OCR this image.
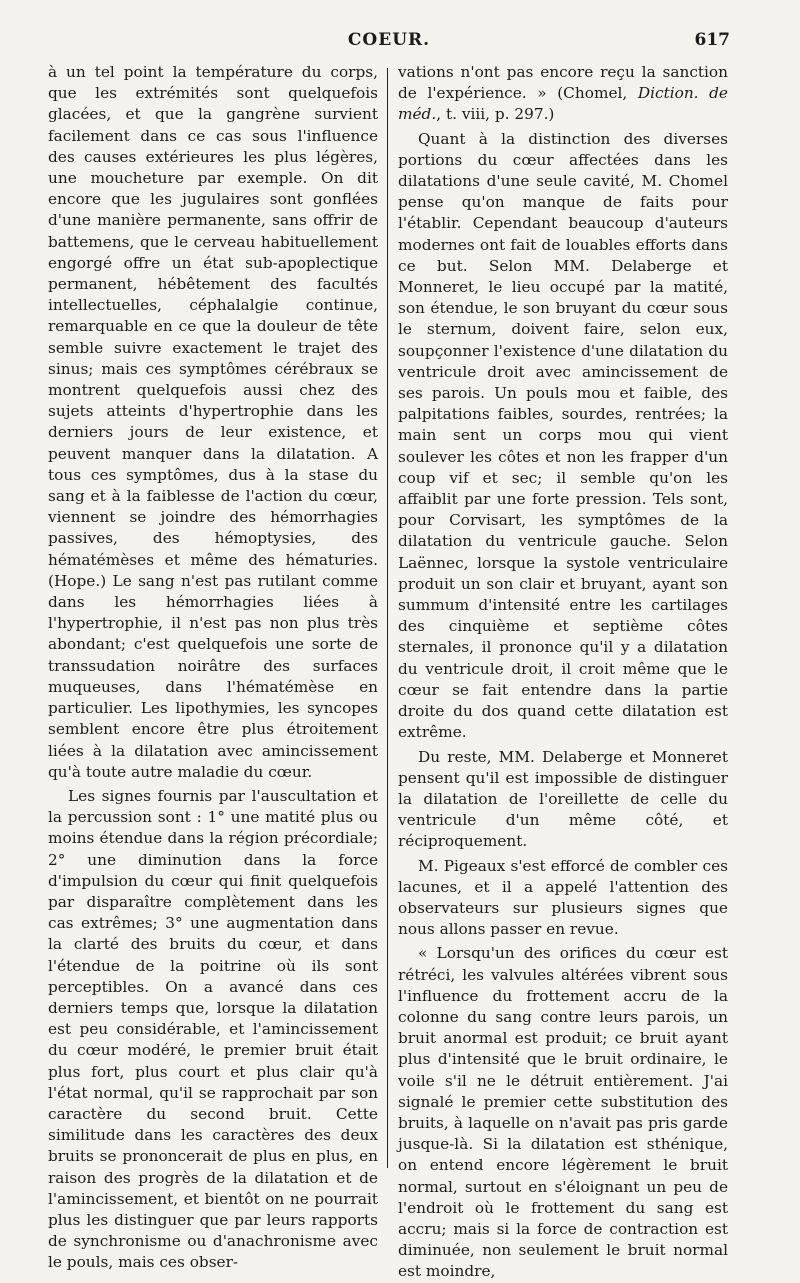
COEUR.	617

à un tel point la température du corps, que les extrémités sont quelquefois glacées, et que la gangrène survient facilement dans ce cas sous l'influence des causes extérieures les plus légères, une moucheture par exemple. On dit encore que les jugulaires sont gonflées d'une manière permanente, sans offrir de battemens, que le cerveau habituellement engorgé offre un état sub-apoplectique permanent, hébêtement des facultés intellectuelles, céphalalgie continue, remarquable en ce que la douleur de tête semble suivre exactement le trajet des sinus; mais ces symptômes cérébraux se montrent quelquefois aussi chez des sujets atteints d'hypertrophie dans les derniers jours de leur existence, et peuvent manquer dans la dilatation. A tous ces symptômes, dus à la stase du sang et à la faiblesse de l'action du cœur, viennent se joindre des hémorrhagies passives, des hémoptysies, des hématémèses et même des hématuries. (Hope.) Le sang n'est pas rutilant comme dans les hémorrhagies liées à l'hypertrophie, il n'est pas non plus très abondant; c'est quelquefois une sorte de transsudation noirâtre des surfaces muqueuses, dans l'hématémèse en particulier. Les lipothymies, les syncopes semblent encore être plus étroitement liées à la dilatation avec amincissement qu'à toute autre maladie du cœur.

Les signes fournis par l'auscultation et la percussion sont : 1° une matité plus ou moins étendue dans la région précordiale; 2° une diminution dans la force d'impulsion du cœur qui finit quelquefois par disparaître complètement dans les cas extrêmes; 3° une augmentation dans la clarté des bruits du cœur, et dans l'étendue de la poitrine où ils sont perceptibles. On a avancé dans ces derniers temps que, lorsque la dilatation est peu considérable, et l'amincissement du cœur modéré, le premier bruit était plus fort, plus court et plus clair qu'à l'état normal, qu'il se rapprochait par son caractère du second bruit. Cette similitude dans les caractères des deux bruits se prononcerait de plus en plus, en raison des progrès de la dilatation et de l'amincissement, et bientôt on ne pourrait plus les distinguer que par leurs rapports de synchronisme ou d'anachronisme avec le pouls, mais ces obser-

vations n'ont pas encore reçu la sanction de l'expérience. » (Chomel, Diction. de méd., t. viii, p. 297.)

Quant à la distinction des diverses portions du cœur affectées dans les dilatations d'une seule cavité, M. Chomel pense qu'on manque de faits pour l'établir. Cependant beaucoup d'auteurs modernes ont fait de louables efforts dans ce but. Selon MM. Delaberge et Monneret, le lieu occupé par la matité, son étendue, le son bruyant du cœur sous le sternum, doivent faire, selon eux, soupçonner l'existence d'une dilatation du ventricule droit avec amincissement de ses parois. Un pouls mou et faible, des palpitations faibles, sourdes, rentrées; la main sent un corps mou qui vient soulever les côtes et non les frapper d'un coup vif et sec; il semble qu'on les affaiblit par une forte pression. Tels sont, pour Corvisart, les symptômes de la dilatation du ventricule gauche. Selon Laënnec, lorsque la systole ventriculaire produit un son clair et bruyant, ayant son summum d'intensité entre les cartilages des cinquième et septième côtes sternales, il prononce qu'il y a dilatation du ventricule droit, il croit même que le cœur se fait entendre dans la partie droite du dos quand cette dilatation est extrême.

Du reste, MM. Delaberge et Monneret pensent qu'il est impossible de distinguer la dilatation de l'oreillette de celle du ventricule d'un même côté, et réciproquement.

M. Pigeaux s'est efforcé de combler ces lacunes, et il a appelé l'attention des observateurs sur plusieurs signes que nous allons passer en revue.

« Lorsqu'un des orifices du cœur est rétréci, les valvules altérées vibrent sous l'influence du frottement accru de la colonne du sang contre leurs parois, un bruit anormal est produit; ce bruit ayant plus d'intensité que le bruit ordinaire, le voile s'il ne le détruit entièrement. J'ai signalé le premier cette substitution des bruits, à laquelle on n'avait pas pris garde jusque-là. Si la dilatation est sthénique, on entend encore légèrement le bruit normal, surtout en s'éloignant un peu de l'endroit où le frottement du sang est accru; mais si la force de contraction est diminuée, non seulement le bruit normal est moindre,
